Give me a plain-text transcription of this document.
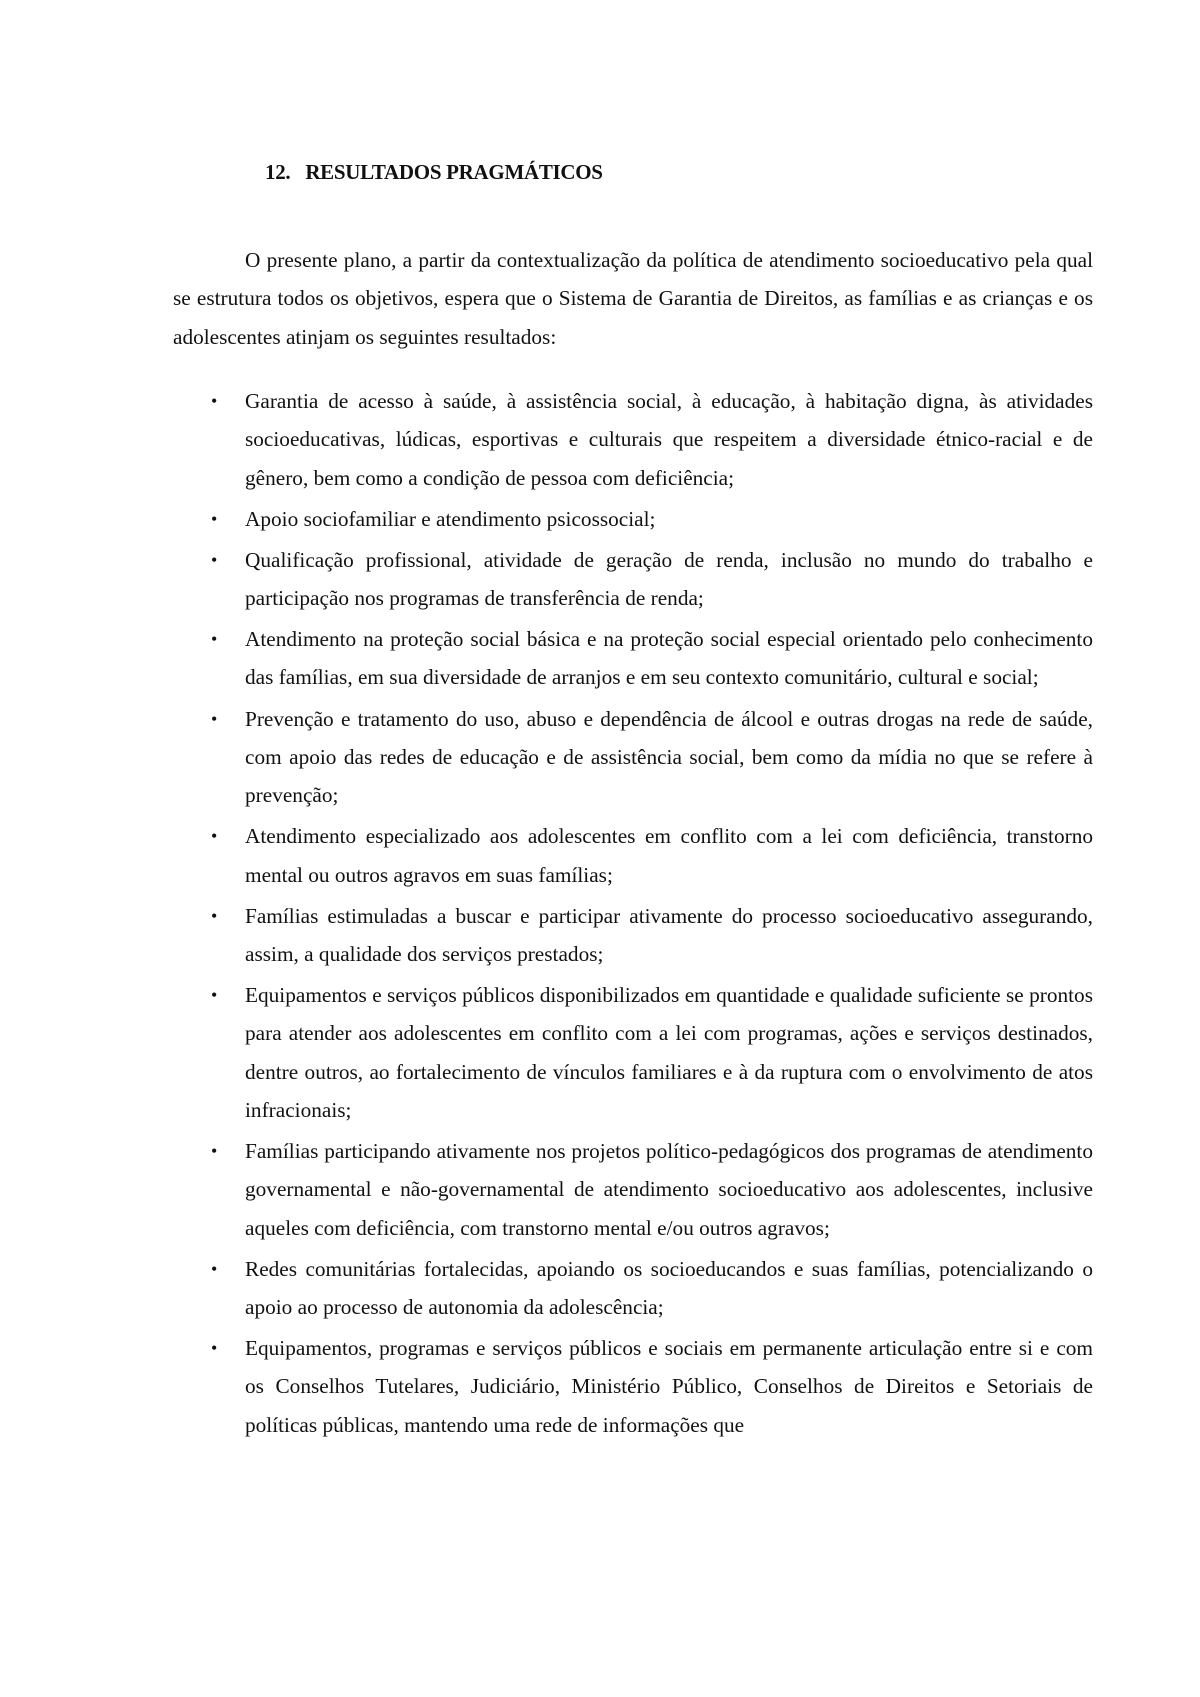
12. RESULTADOS PRAGMÁTICOS

O presente plano, a partir da contextualização da política de atendimento socioeducativo pela qual se estrutura todos os objetivos, espera que o Sistema de Garantia de Direitos, as famílias e as crianças e os adolescentes atinjam os seguintes resultados:

• Garantia de acesso à saúde, à assistência social, à educação, à habitação digna, às atividades socioeducativas, lúdicas, esportivas e culturais que respeitem a diversidade étnico-racial e de gênero, bem como a condição de pessoa com deficiência;
• Apoio sociofamiliar e atendimento psicossocial;
• Qualificação profissional, atividade de geração de renda, inclusão no mundo do trabalho e participação nos programas de transferência de renda;
• Atendimento na proteção social básica e na proteção social especial orientado pelo conhecimento das famílias, em sua diversidade de arranjos e em seu contexto comunitário, cultural e social;
• Prevenção e tratamento do uso, abuso e dependência de álcool e outras drogas na rede de saúde, com apoio das redes de educação e de assistência social, bem como da mídia no que se refere à prevenção;
• Atendimento especializado aos adolescentes em conflito com a lei com deficiência, transtorno mental ou outros agravos em suas famílias;
• Famílias estimuladas a buscar e participar ativamente do processo socioeducativo assegurando, assim, a qualidade dos serviços prestados;
• Equipamentos e serviços públicos disponibilizados em quantidade e qualidade suficiente se prontos para atender aos adolescentes em conflito com a lei com programas, ações e serviços destinados, dentre outros, ao fortalecimento de vínculos familiares e à da ruptura com o envolvimento de atos infracionais;
• Famílias participando ativamente nos projetos político-pedagógicos dos programas de atendimento governamental e não-governamental de atendimento socioeducativo aos adolescentes, inclusive aqueles com deficiência, com transtorno mental e/ou outros agravos;
• Redes comunitárias fortalecidas, apoiando os socioeducandos e suas famílias, potencializando o apoio ao processo de autonomia da adolescência;
• Equipamentos, programas e serviços públicos e sociais em permanente articulação entre si e com os Conselhos Tutelares, Judiciário, Ministério Público, Conselhos de Direitos e Setoriais de políticas públicas, mantendo uma rede de informações que
